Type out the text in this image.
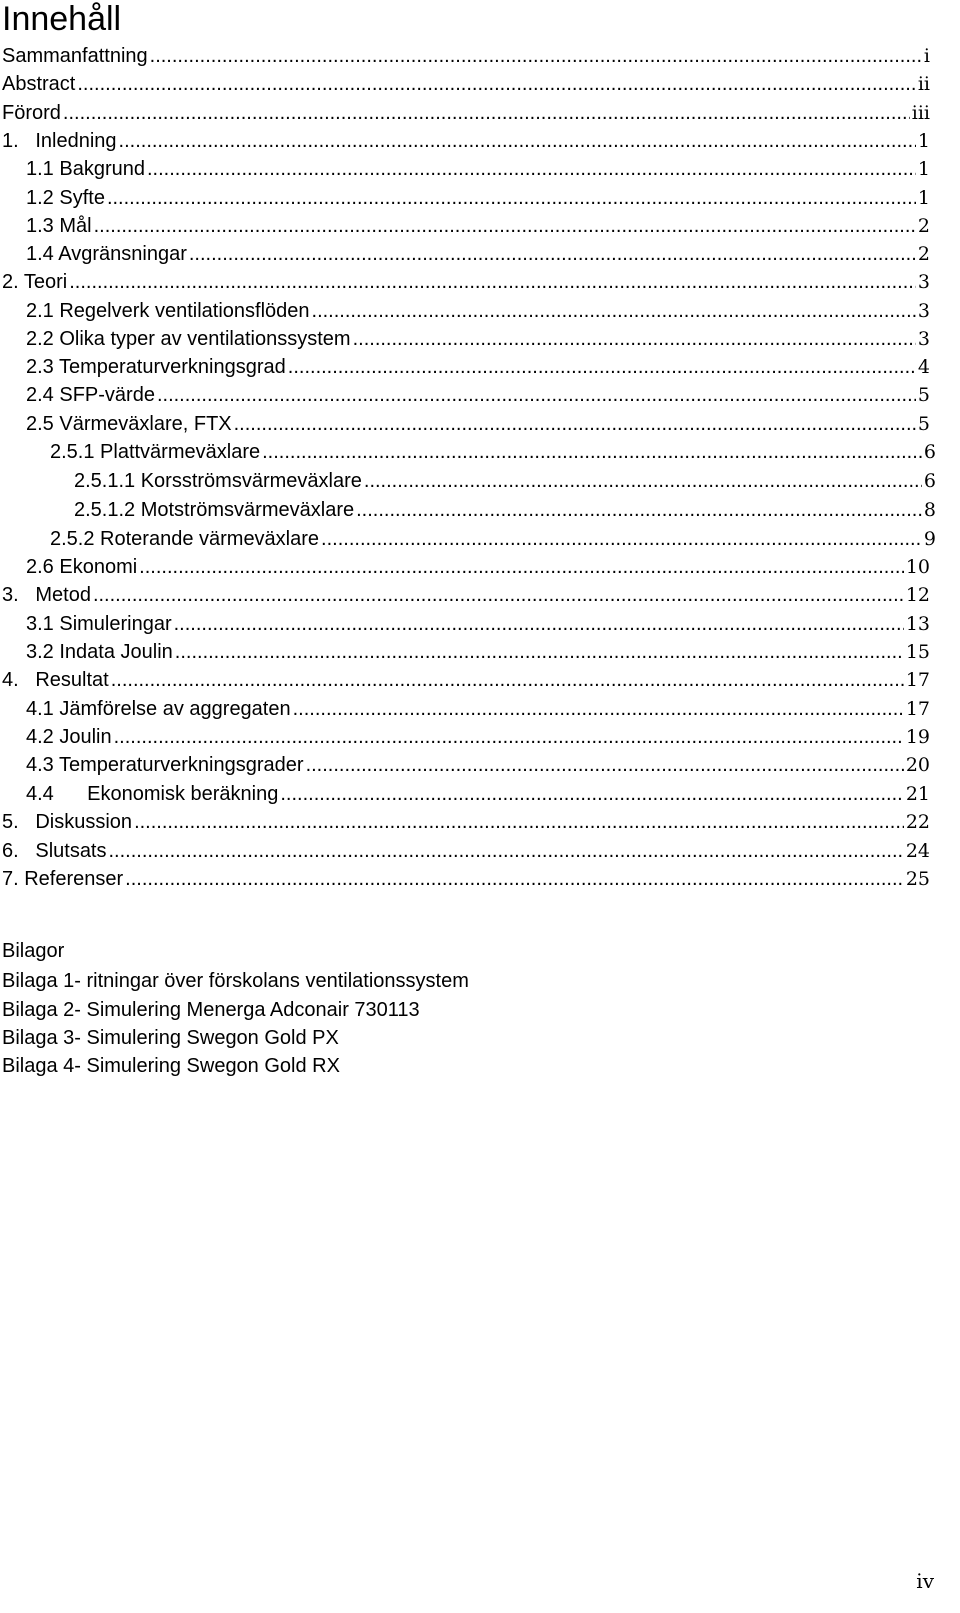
Innehåll
Sammanfattning .....	i
Abstract .....	ii
Förord .....	iii
1.   Inledning .....	1
1.1 Bakgrund .....	1
1.2 Syfte .....	1
1.3 Mål .....	2
1.4 Avgränsningar .....	2
2. Teori .....	3
2.1 Regelverk ventilationsflöden .....	3
2.2 Olika typer av ventilationssystem .....	3
2.3 Temperaturverkningsgrad .....	4
2.4 SFP-värde .....	5
2.5 Värmeväxlare, FTX .....	5
2.5.1 Plattvärmeväxlare .....	6
2.5.1.1 Korsströmsvärmeväxlare .....	6
2.5.1.2 Motströmsvärmeväxlare .....	8
2.5.2 Roterande värmeväxlare .....	9
2.6 Ekonomi .....	10
3.   Metod .....	12
3.1 Simuleringar .....	13
3.2 Indata Joulin .....	15
4.   Resultat .....	17
4.1 Jämförelse av aggregaten .....	17
4.2 Joulin .....	19
4.3 Temperaturverkningsgrader .....	20
4.4      Ekonomisk beräkning .....	21
5.   Diskussion .....	22
6.   Slutsats .....	24
7. Referenser .....	25
Bilagor
Bilaga 1- ritningar över förskolans ventilationssystem
Bilaga 2- Simulering Menerga Adconair 730113
Bilaga 3- Simulering Swegon Gold PX
Bilaga 4- Simulering Swegon Gold RX
iv
